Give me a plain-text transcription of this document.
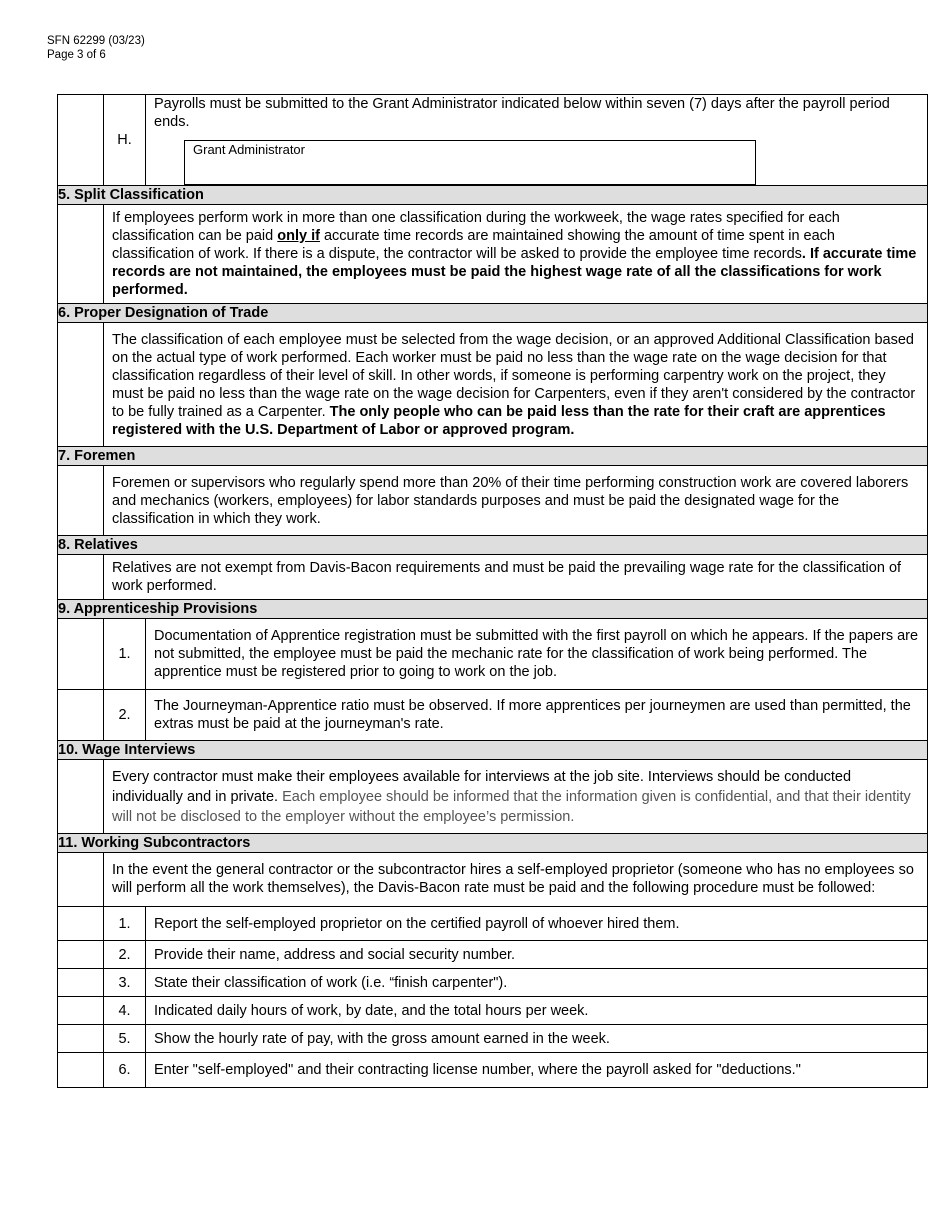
SFN 62299 (03/23)
Page 3 of 6
	H.	Payrolls must be submitted to the Grant Administrator indicated below within seven (7) days after the payroll period ends.
Grant Administrator

5. Split Classification		
	If employees perform work in more than one classification during the workweek, the wage rates specified for each classification can be paid only if accurate time records are maintained showing the amount of time spent in each classification of work. If there is a dispute, the contractor will be asked to provide the employee time records. If accurate time records are not maintained, the employees must be paid the highest wage rate of all the classifications for work performed.	
6. Proper Designation of Trade		
	The classification of each employee must be selected from the wage decision, or an approved Additional Classification based on the actual type of work performed. Each worker must be paid no less than the wage rate on the wage decision for that classification regardless of their level of skill. In other words, if someone is performing carpentry work on the project, they must be paid no less than the wage rate on the wage decision for Carpenters, even if they aren't considered by the contractor to be fully trained as a Carpenter. The only people who can be paid less than the rate for their craft are apprentices registered with the U.S. Department of Labor or approved program.	
7. Foremen		
	Foremen or supervisors who regularly spend more than 20% of their time performing construction work are covered laborers and mechanics (workers, employees) for labor standards purposes and must be paid the designated wage for the classification in which they work.	
8. Relatives		
	Relatives are not exempt from Davis-Bacon requirements and must be paid the prevailing wage rate for the classification of work performed.	
9. Apprenticeship Provisions		
	1.	Documentation of Apprentice registration must be submitted with the first payroll on which he appears. If the papers are not submitted, the employee must be paid the mechanic rate for the classification of work being performed. The apprentice must be registered prior to going to work on the job.
	2.	The Journeyman-Apprentice ratio must be observed. If more apprentices per journeymen are used than permitted, the extras must be paid at the journeyman's rate.
10. Wage Interviews		
	Every contractor must make their employees available for interviews at the job site. Interviews should be conducted individually and in private. Each employee should be informed that the information given is confidential, and that their identity will not be disclosed to the employer without the employee’s permission.	
11. Working Subcontractors		
	In the event the general contractor or the subcontractor hires a self-employed proprietor (someone who has no employees so will perform all the work themselves), the Davis-Bacon rate must be paid and the following procedure must be followed:	
	1.	Report the self-employed proprietor on the certified payroll of whoever hired them.
	2.	Provide their name, address and social security number.
	3.	State their classification of work (i.e. “finish carpenter").
	4.	Indicated daily hours of work, by date, and the total hours per week.
	5.	Show the hourly rate of pay, with the gross amount earned in the week.
	6.	Enter "self-employed" and their contracting license number, where the payroll asked for "deductions."
